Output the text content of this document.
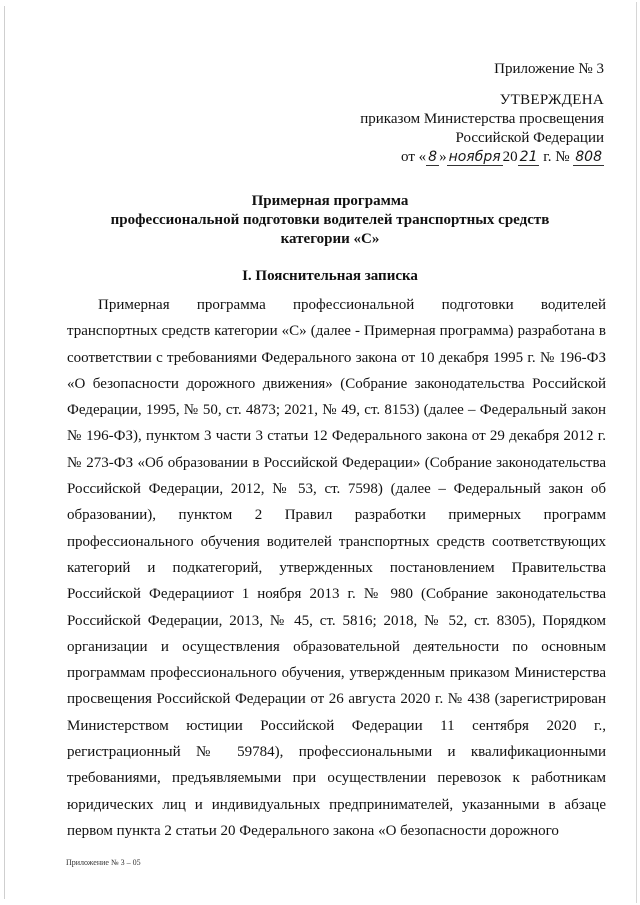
Приложение № 3
УТВЕРЖДЕНА
приказом Министерства просвещения
Российской Федерации
от « 8 » ноября 20 21 г. № 808
Примерная программа
профессиональной подготовки водителей транспортных средств
категории «С»
I. Пояснительная записка

Примерная программа профессиональной подготовки водителей транспортных средств категории «С» (далее - Примерная программа) разработана в соответствии с требованиями Федерального закона от 10 декабря 1995 г. № 196-ФЗ «О безопасности дорожного движения» (Собрание законодательства Российской Федерации, 1995, № 50, ст. 4873; 2021, № 49, ст. 8153) (далее – Федеральный закон № 196-ФЗ), пунктом 3 части 3 статьи 12 Федерального закона от 29 декабря 2012 г. № 273-ФЗ «Об образовании в Российской Федерации» (Собрание законодательства Российской Федерации, 2012, № 53, ст. 7598) (далее – Федеральный закон об образовании), пунктом 2 Правил разработки примерных программ профессионального обучения водителей транспортных средств соответствующих категорий и подкатегорий, утвержденных постановлением Правительства Российской Федерацииот 1 ноября 2013 г. № 980 (Собрание законодательства Российской Федерации, 2013, № 45, ст. 5816; 2018, № 52, ст. 8305), Порядком организации и осуществления образовательной деятельности по основным программам профессионального обучения, утвержденным приказом Министерства просвещения Российской Федерации от 26 августа 2020 г. № 438 (зарегистрирован Министерством юстиции Российской Федерации 11 сентября 2020 г., регистрационный № 59784), профессиональными и квалификационными требованиями, предъявляемыми при осуществлении перевозок к работникам юридических лиц и индивидуальных предпринимателей, указанными в абзаце первом пункта 2 статьи 20 Федерального закона «О безопасности дорожного

Приложение № 3 – 05
